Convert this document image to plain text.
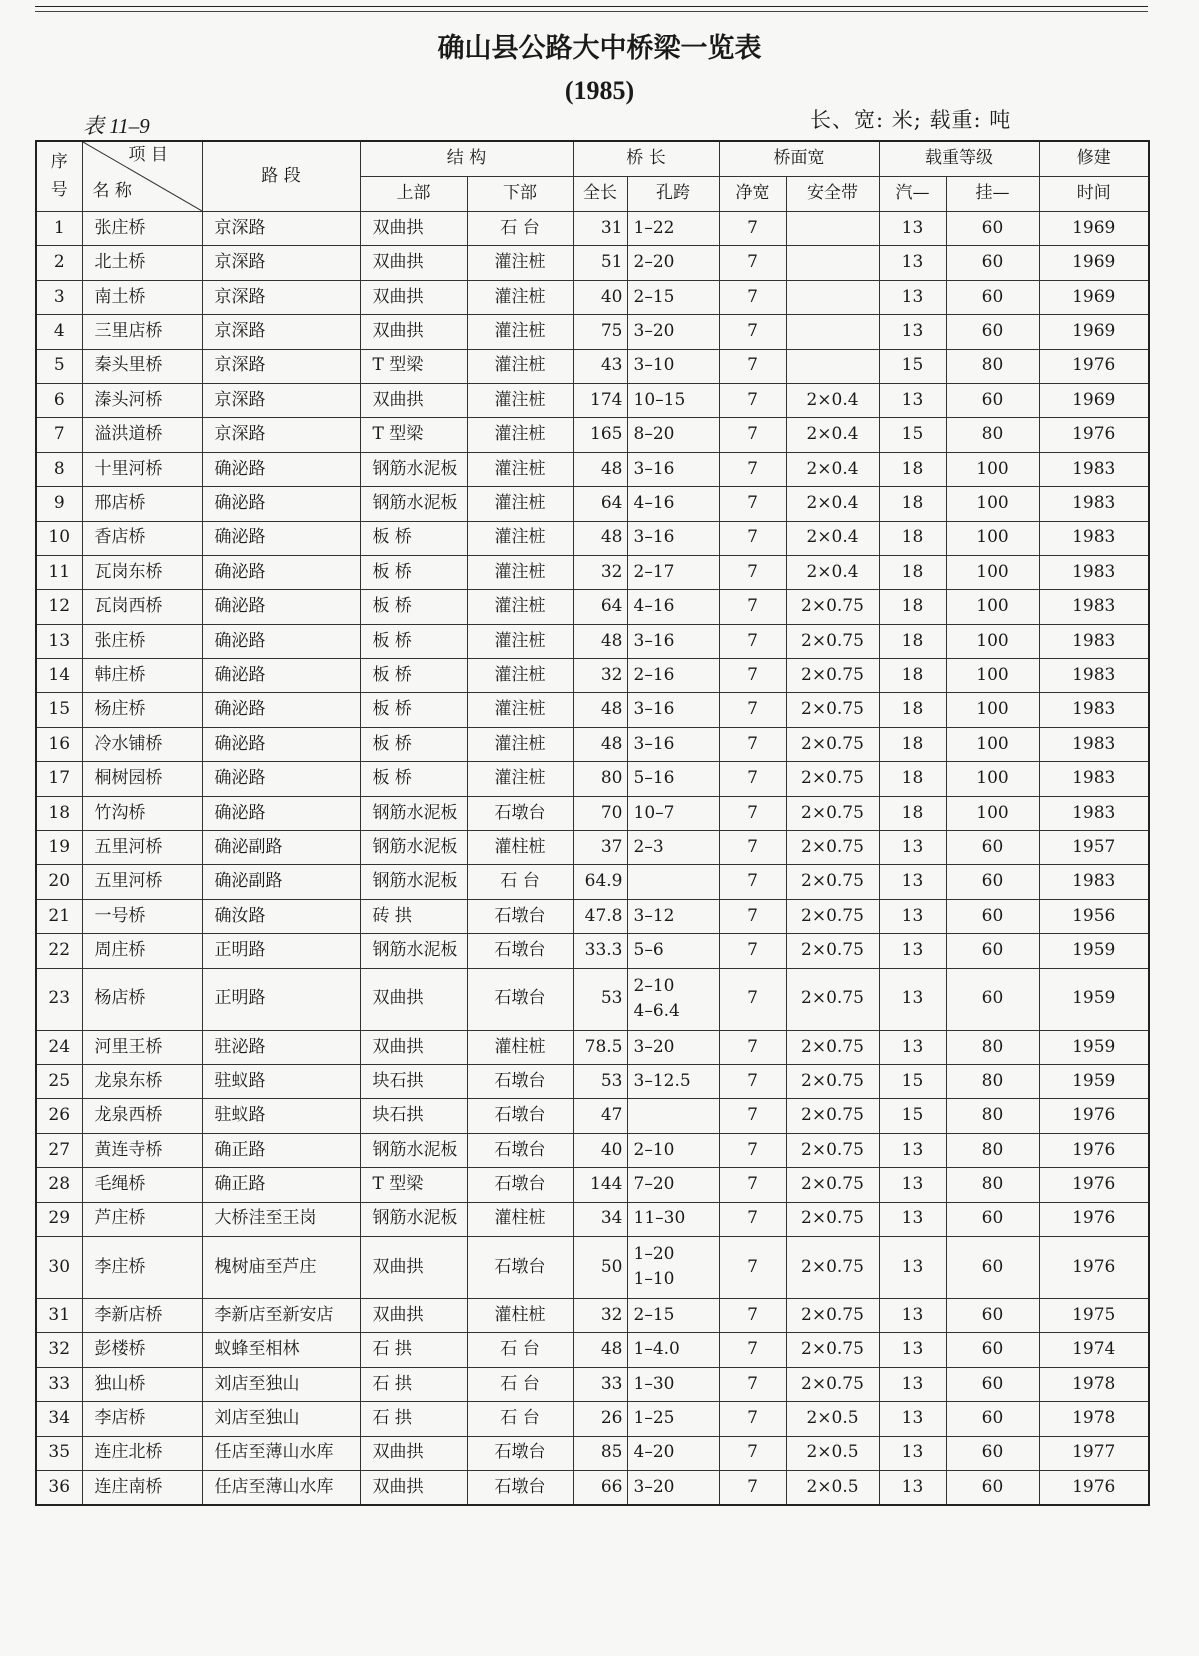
确山县公路大中桥梁一览表
(1985)
表 11–9	长、宽: 米; 载重: 吨
序号	项 目
名 称	路 段	结 构		桥 长		桥面宽		载重等级		修建
			上部	下部	全长	孔跨	净宽	安全带	汽—	挂—	时间
1	张庄桥	京深路	双曲拱	石 台	31	1–22	7		13	60	1969
2	北土桥	京深路	双曲拱	灌注桩	51	2–20	7		13	60	1969
3	南土桥	京深路	双曲拱	灌注桩	40	2–15	7		13	60	1969
4	三里店桥	京深路	双曲拱	灌注桩	75	3–20	7		13	60	1969
5	秦头里桥	京深路	T 型梁	灌注桩	43	3–10	7		15	80	1976
6	溱头河桥	京深路	双曲拱	灌注桩	174	10–15	7	2×0.4	13	60	1969
7	溢洪道桥	京深路	T 型梁	灌注桩	165	8–20	7	2×0.4	15	80	1976
8	十里河桥	确泌路	钢筋水泥板	灌注桩	48	3–16	7	2×0.4	18	100	1983
9	邢店桥	确泌路	钢筋水泥板	灌注桩	64	4–16	7	2×0.4	18	100	1983
10	香店桥	确泌路	板 桥	灌注桩	48	3–16	7	2×0.4	18	100	1983
11	瓦岗东桥	确泌路	板 桥	灌注桩	32	2–17	7	2×0.4	18	100	1983
12	瓦岗西桥	确泌路	板 桥	灌注桩	64	4–16	7	2×0.75	18	100	1983
13	张庄桥	确泌路	板 桥	灌注桩	48	3–16	7	2×0.75	18	100	1983
14	韩庄桥	确泌路	板 桥	灌注桩	32	2–16	7	2×0.75	18	100	1983
15	杨庄桥	确泌路	板 桥	灌注桩	48	3–16	7	2×0.75	18	100	1983
16	冷水铺桥	确泌路	板 桥	灌注桩	48	3–16	7	2×0.75	18	100	1983
17	桐树园桥	确泌路	板 桥	灌注桩	80	5–16	7	2×0.75	18	100	1983
18	竹沟桥	确泌路	钢筋水泥板	石墩台	70	10–7	7	2×0.75	18	100	1983
19	五里河桥	确泌副路	钢筋水泥板	灌柱桩	37	2–3	7	2×0.75	13	60	1957
20	五里河桥	确泌副路	钢筋水泥板	石 台	64.9		7	2×0.75	13	60	1983
21	一号桥	确汝路	砖 拱	石墩台	47.8	3–12	7	2×0.75	13	60	1956
22	周庄桥	正明路	钢筋水泥板	石墩台	33.3	5–6	7	2×0.75	13	60	1959
23	杨店桥	正明路	双曲拱	石墩台	53	2–10
4–6.4	7	2×0.75	13	60	1959
24	河里王桥	驻泌路	双曲拱	灌柱桩	78.5	3–20	7	2×0.75	13	80	1959
25	龙泉东桥	驻蚁路	块石拱	石墩台	53	3–12.5	7	2×0.75	15	80	1959
26	龙泉西桥	驻蚁路	块石拱	石墩台	47		7	2×0.75	15	80	1976
27	黄连寺桥	确正路	钢筋水泥板	石墩台	40	2–10	7	2×0.75	13	80	1976
28	毛绳桥	确正路	T 型梁	石墩台	144	7–20	7	2×0.75	13	80	1976
29	芦庄桥	大桥洼至王岗	钢筋水泥板	灌柱桩	34	11–30	7	2×0.75	13	60	1976
30	李庄桥	槐树庙至芦庄	双曲拱	石墩台	50	1–20
1–10	7	2×0.75	13	60	1976
31	李新店桥	李新店至新安店	双曲拱	灌柱桩	32	2–15	7	2×0.75	13	60	1975
32	彭楼桥	蚁蜂至相林	石 拱	石 台	48	1–4.0	7	2×0.75	13	60	1974
33	独山桥	刘店至独山	石 拱	石 台	33	1–30	7	2×0.75	13	60	1978
34	李店桥	刘店至独山	石 拱	石 台	26	1–25	7	2×0.5	13	60	1978
35	连庄北桥	任店至薄山水库	双曲拱	石墩台	85	4–20	7	2×0.5	13	60	1977
36	连庄南桥	任店至薄山水库	双曲拱	石墩台	66	3–20	7	2×0.5	13	60	1976
